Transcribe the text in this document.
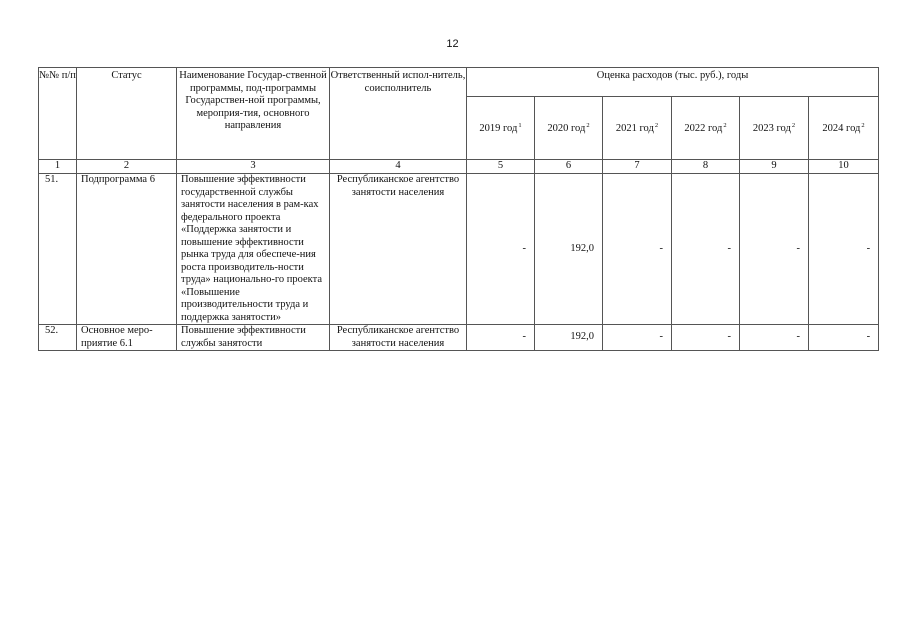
12
№№ п/п	Статус	Наименование Государ-ственной программы, под-программы Государствен-ной программы, мероприя-тия, основного направления	Ответственный испол-нитель, соисполнитель	Оценка расходов (тыс. руб.), годы					
				2019 год$^1$	2020 год$^2$	2021 год$^2$	2022 год$^2$	2023 год$^2$	2024 год$^2$
1	2	3	4	5	6	7	8	9	10
51.	Подпрограмма 6	Повышение эффективности государственной службы занятости населения в рам-ках федерального проекта «Поддержка занятости и повышение эффективности рынка труда для обеспече-ния роста производитель-ности труда» национально-го проекта «Повышение производительности труда и поддержка занятости»	Республиканское агентство занятости населения	-	192,0	-	-	-	-
52.	Основное меро-приятие 6.1	Повышение эффективности службы занятости	Республиканское агентство занятости населения	-	192,0	-	-	-	-
